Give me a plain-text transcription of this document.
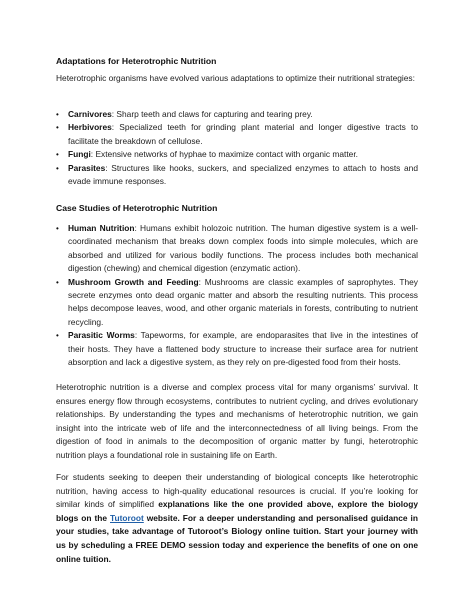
Adaptations for Heterotrophic Nutrition
Heterotrophic organisms have evolved various adaptations to optimize their nutritional strategies:
• Carnivores: Sharp teeth and claws for capturing and tearing prey.
• Herbivores: Specialized teeth for grinding plant material and longer digestive tracts to facilitate the breakdown of cellulose.
• Fungi: Extensive networks of hyphae to maximize contact with organic matter.
• Parasites: Structures like hooks, suckers, and specialized enzymes to attach to hosts and evade immune responses.
Case Studies of Heterotrophic Nutrition
• Human Nutrition: Humans exhibit holozoic nutrition. The human digestive system is a well-coordinated mechanism that breaks down complex foods into simple molecules, which are absorbed and utilized for various bodily functions. The process includes both mechanical digestion (chewing) and chemical digestion (enzymatic action).
• Mushroom Growth and Feeding: Mushrooms are classic examples of saprophytes. They secrete enzymes onto dead organic matter and absorb the resulting nutrients. This process helps decompose leaves, wood, and other organic materials in forests, contributing to nutrient recycling.
• Parasitic Worms: Tapeworms, for example, are endoparasites that live in the intestines of their hosts. They have a flattened body structure to increase their surface area for nutrient absorption and lack a digestive system, as they rely on pre-digested food from their hosts.
Heterotrophic nutrition is a diverse and complex process vital for many organisms’ survival. It ensures energy flow through ecosystems, contributes to nutrient cycling, and drives evolutionary relationships. By understanding the types and mechanisms of heterotrophic nutrition, we gain insight into the intricate web of life and the interconnectedness of all living beings. From the digestion of food in animals to the decomposition of organic matter by fungi, heterotrophic nutrition plays a foundational role in sustaining life on Earth.
For students seeking to deepen their understanding of biological concepts like heterotrophic nutrition, having access to high-quality educational resources is crucial. If you’re looking for similar kinds of simplified explanations like the one provided above, explore the biology blogs on the Tutoroot website. For a deeper understanding and personalised guidance in your studies, take advantage of Tutoroot’s Biology online tuition. Start your journey with us by scheduling a FREE DEMO session today and experience the benefits of one on one online tuition.
